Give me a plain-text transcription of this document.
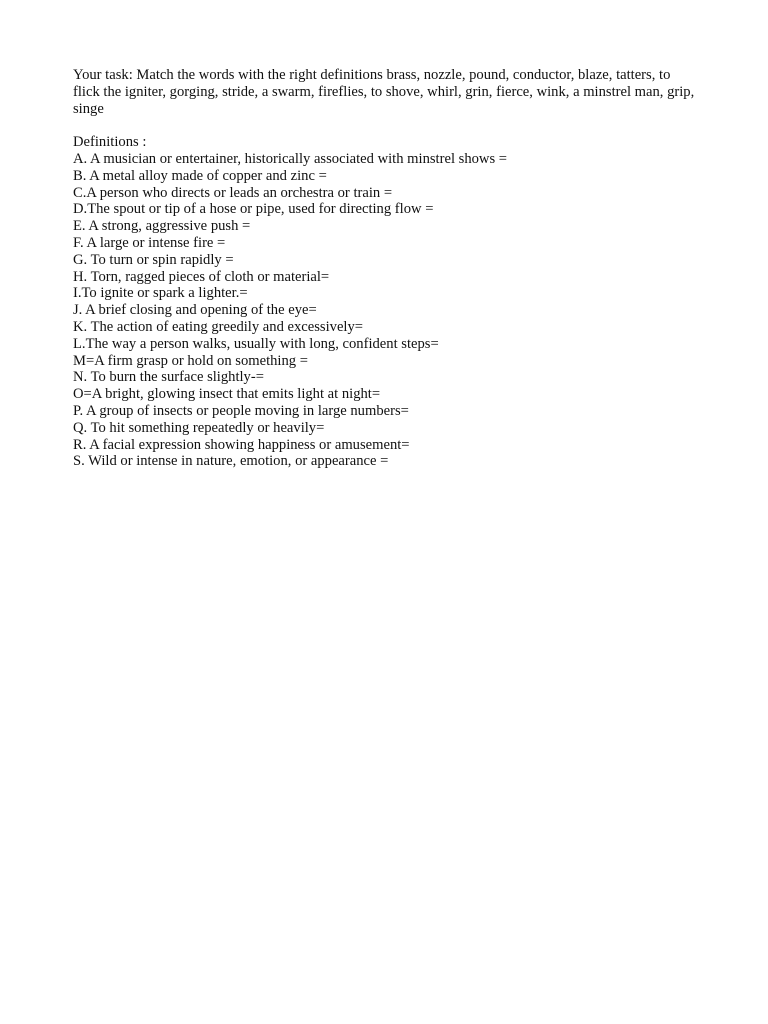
Your task: Match the words with the right definitions brass, nozzle, pound, conductor, blaze, tatters, to flick the igniter, gorging, stride, a swarm, fireflies, to shove, whirl, grin, fierce, wink, a minstrel man, grip, singe

Definitions :

A. A musician or entertainer, historically associated with minstrel shows =
B. A metal alloy made of copper and zinc =
C.A person who directs or leads an orchestra or train =
D.The spout or tip of a hose or pipe, used for directing flow =
E. A strong, aggressive push =
F. A large or intense fire =
G. To turn or spin rapidly =
H. Torn, ragged pieces of cloth or material=
I.To ignite or spark a lighter.=
J. A brief closing and opening of the eye=
K. The action of eating greedily and excessively=
L.The way a person walks, usually with long, confident steps=
M=A firm grasp or hold on something =
N. To burn the surface slightly-=
O=A bright, glowing insect that emits light at night=
P. A group of insects or people moving in large numbers=
Q. To hit something repeatedly or heavily=
R. A facial expression showing happiness or amusement=
S. Wild or intense in nature, emotion, or appearance =
